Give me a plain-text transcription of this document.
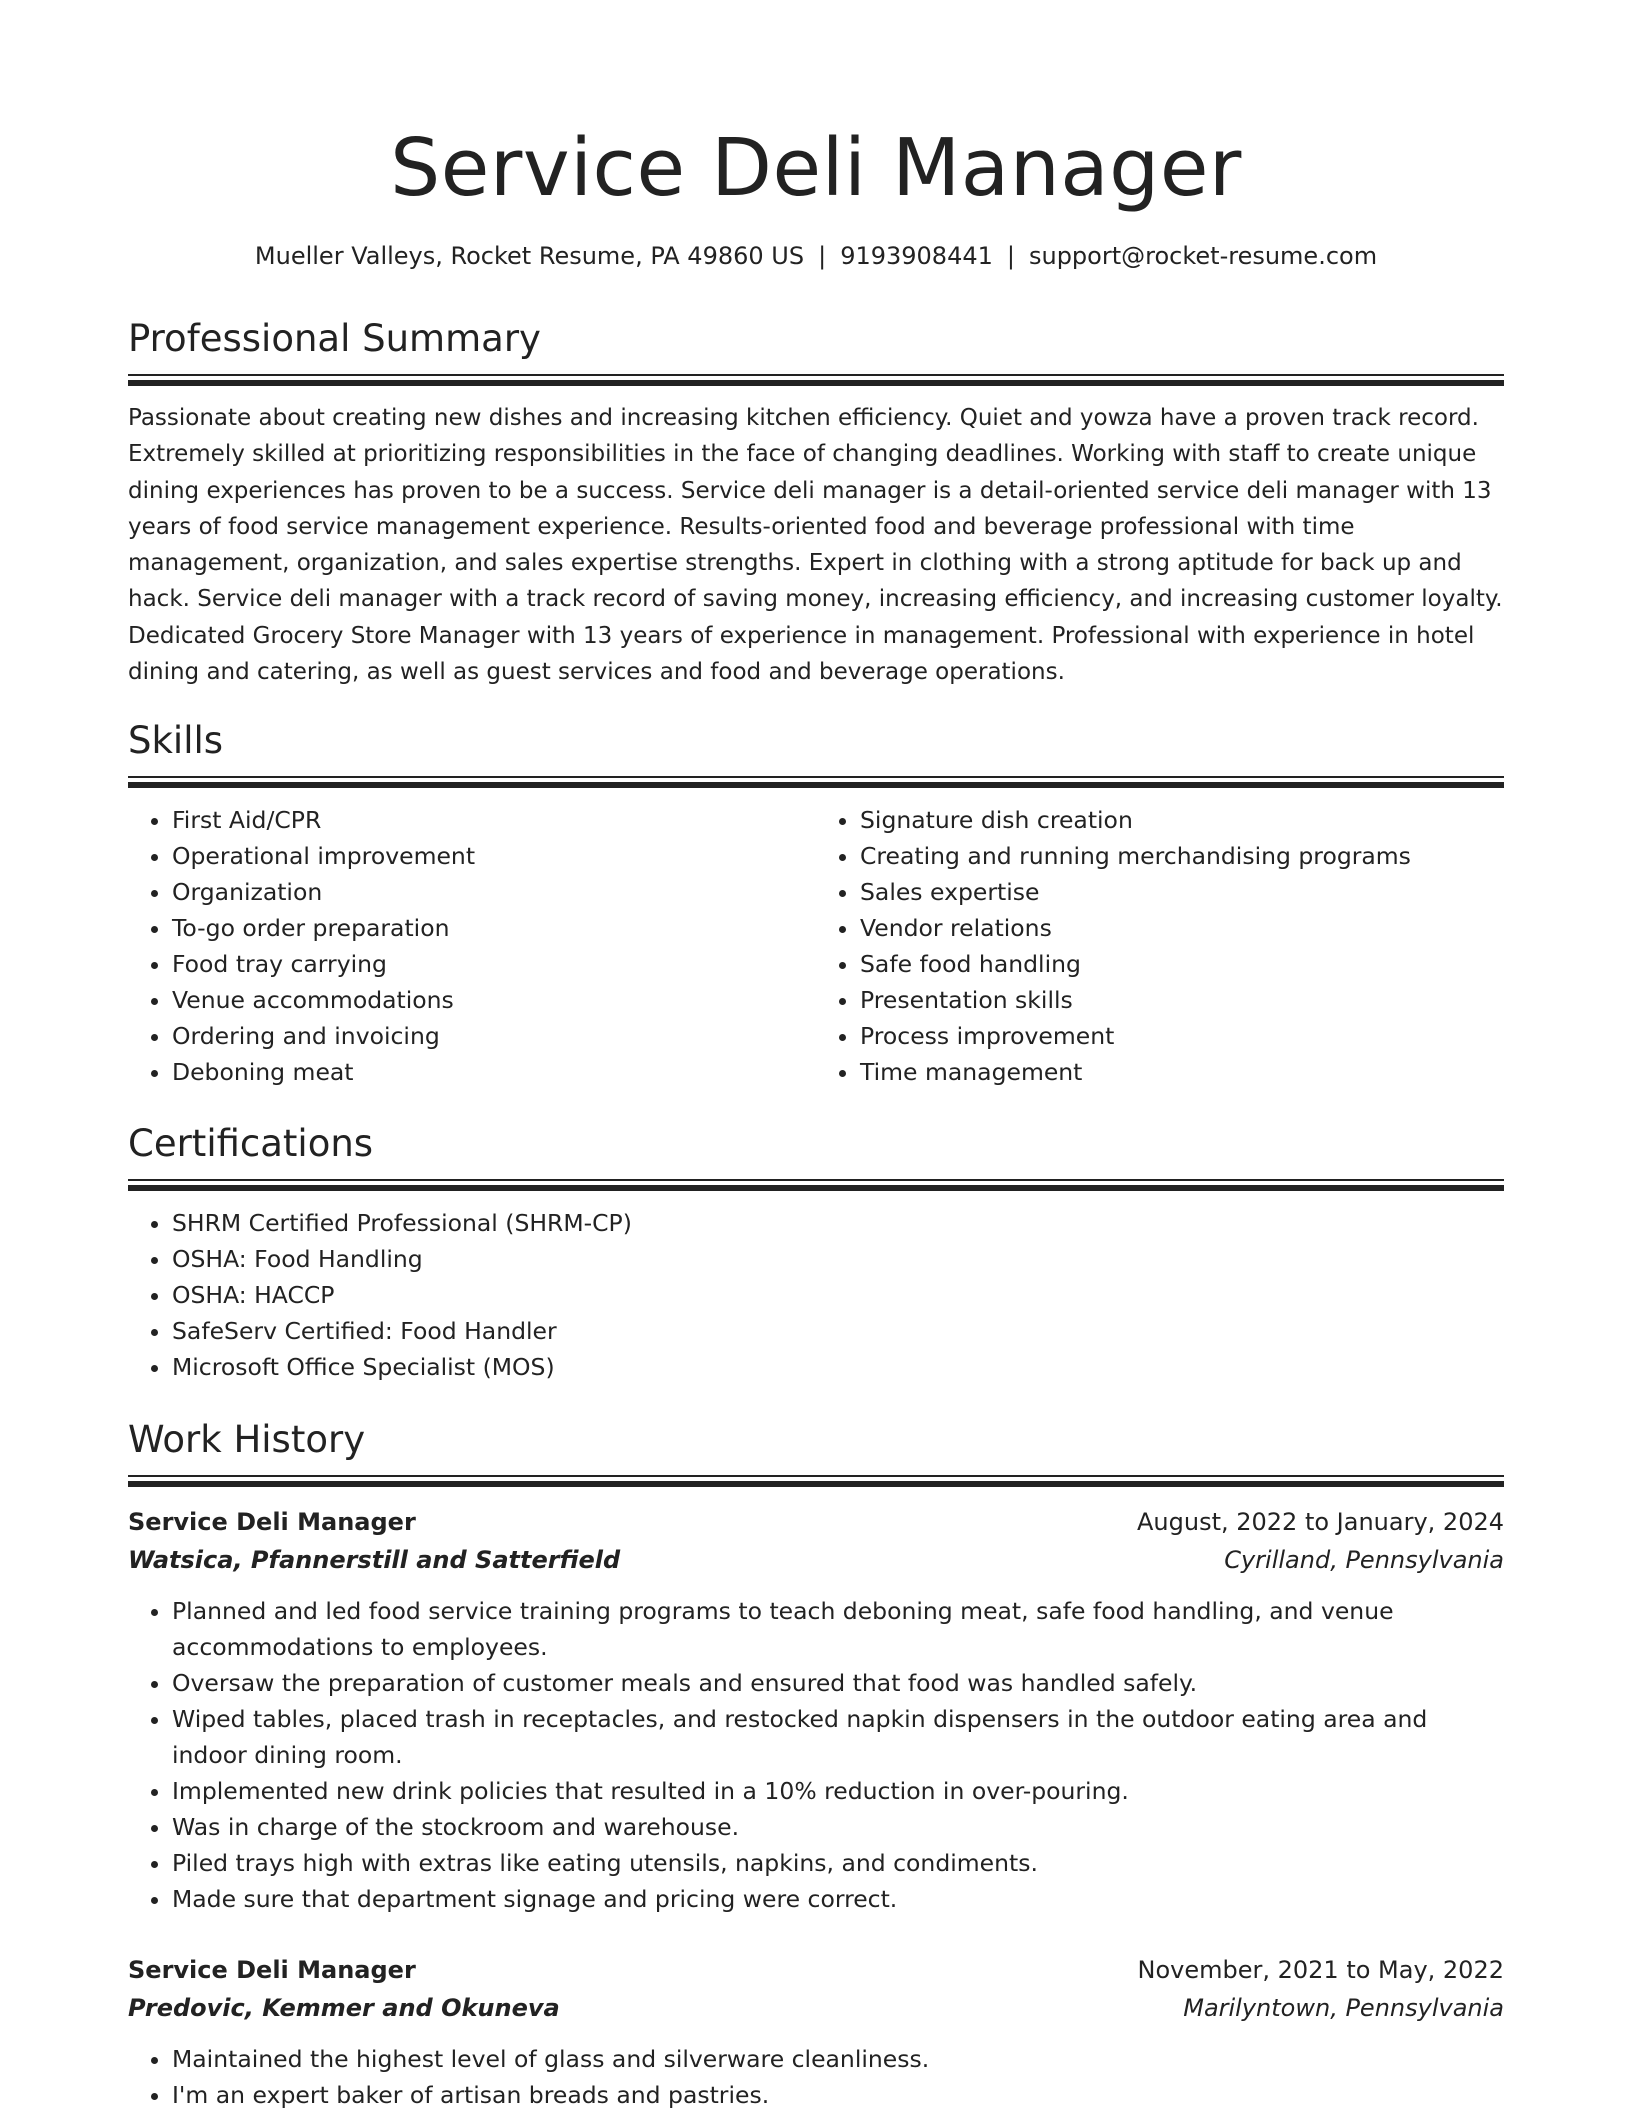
Service Deli Manager
Mueller Valleys, Rocket Resume, PA 49860 US | 9193908441 | support@rocket-resume.com
Professional Summary

Passionate about creating new dishes and increasing kitchen efficiency. Quiet and yowza have a proven track record. Extremely skilled at prioritizing responsibilities in the face of changing deadlines. Working with staff to create unique dining experiences has proven to be a success. Service deli manager is a detail-oriented service deli manager with 13 years of food service management experience. Results-oriented food and beverage professional with time management, organization, and sales expertise strengths. Expert in clothing with a strong aptitude for back up and hack. Service deli manager with a track record of saving money, increasing efficiency, and increasing customer loyalty. Dedicated Grocery Store Manager with 13 years of experience in management. Professional with experience in hotel dining and catering, as well as guest services and food and beverage operations.

Skills
• First Aid/CPR
• Operational improvement
• Organization
• To-go order preparation
• Food tray carrying
• Venue accommodations
• Ordering and invoicing
• Deboning meat
• Signature dish creation
• Creating and running merchandising programs
• Sales expertise
• Vendor relations
• Safe food handling
• Presentation skills
• Process improvement
• Time management
Certifications
• SHRM Certified Professional (SHRM-CP)
• OSHA: Food Handling
• OSHA: HACCP
• SafeServ Certified: Food Handler
• Microsoft Office Specialist (MOS)
Work History
Service Deli Manager	August, 2022 to January, 2024
Watsica, Pfannerstill and Satterfield	Cyrilland, Pennsylvania
• Planned and led food service training programs to teach deboning meat, safe food handling, and venue accommodations to employees.
• Oversaw the preparation of customer meals and ensured that food was handled safely.
• Wiped tables, placed trash in receptacles, and restocked napkin dispensers in the outdoor eating area and indoor dining room.
• Implemented new drink policies that resulted in a 10% reduction in over-pouring.
• Was in charge of the stockroom and warehouse.
• Piled trays high with extras like eating utensils, napkins, and condiments.
• Made sure that department signage and pricing were correct.
Service Deli Manager	November, 2021 to May, 2022
Predovic, Kemmer and Okuneva	Marilyntown, Pennsylvania
• Maintained the highest level of glass and silverware cleanliness.
• I'm an expert baker of artisan breads and pastries.
